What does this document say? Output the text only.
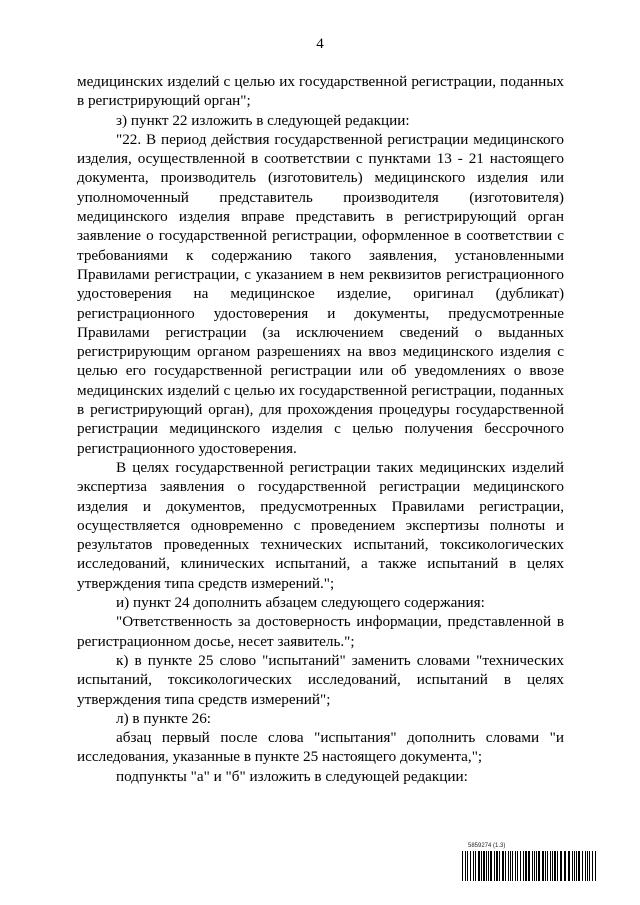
4

медицинских изделий с целью их государственной регистрации, поданных в регистрирующий орган";

з) пункт 22 изложить в следующей редакции:

"22. В период действия государственной регистрации медицинского изделия, осуществленной в соответствии с пунктами 13 - 21 настоящего документа, производитель (изготовитель) медицинского изделия или уполномоченный представитель производителя (изготовителя) медицинского изделия вправе представить в регистрирующий орган заявление о государственной регистрации, оформленное в соответствии с требованиями к содержанию такого заявления, установленными Правилами регистрации, с указанием в нем реквизитов регистрационного удостоверения на медицинское изделие, оригинал (дубликат) регистрационного удостоверения и документы, предусмотренные Правилами регистрации (за исключением сведений о выданных регистрирующим органом разрешениях на ввоз медицинского изделия с целью его государственной регистрации или об уведомлениях о ввозе медицинских изделий с целью их государственной регистрации, поданных в регистрирующий орган), для прохождения процедуры государственной регистрации медицинского изделия с целью получения бессрочного регистрационного удостоверения.

В целях государственной регистрации таких медицинских изделий экспертиза заявления о государственной регистрации медицинского изделия и документов, предусмотренных Правилами регистрации, осуществляется одновременно с проведением экспертизы полноты и результатов проведенных технических испытаний, токсикологических исследований, клинических испытаний, а также испытаний в целях утверждения типа средств измерений.";

и) пункт 24 дополнить абзацем следующего содержания:

"Ответственность за достоверность информации, представленной в регистрационном досье, несет заявитель.";

к) в пункте 25 слово "испытаний" заменить словами "технических испытаний, токсикологических исследований, испытаний в целях утверждения типа средств измерений";

л) в пункте 26:

абзац первый после слова "испытания" дополнить словами "и исследования, указанные в пункте 25 настоящего документа,";

подпункты "а" и "б" изложить в следующей редакции:

5859274 (1.3)
